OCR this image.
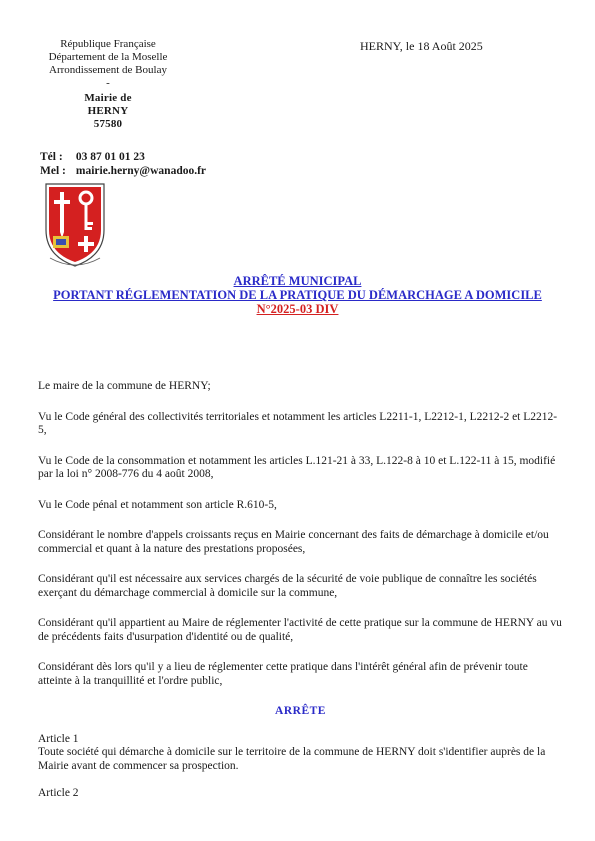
République Française
Département de la Moselle
Arrondissement de Boulay
-
Mairie de
HERNY
57580
HERNY, le 18 Août 2025
Tél : 03 87 01 01 23
Mel : mairie.herny@wanadoo.fr
ARRÊTÉ MUNICIPAL
PORTANT RÉGLEMENTATION DE LA PRATIQUE DU DÉMARCHAGE A DOMICILE
N°2025-03 DIV

Le maire de la commune de HERNY;

Vu le Code général des collectivités territoriales et notamment les articles L2211-1, L2212-1, L2212-2 et L2212-5,

Vu le Code de la consommation et notamment les articles L.121-21 à 33, L.122-8 à 10 et L.122-11 à 15, modifié par la loi n° 2008-776 du 4 août 2008,

Vu le Code pénal et notamment son article R.610-5,

Considérant le nombre d'appels croissants reçus en Mairie concernant des faits de démarchage à domicile et/ou commercial et quant à la nature des prestations proposées,

Considérant qu'il est nécessaire aux services chargés de la sécurité de voie publique de connaître les sociétés exerçant du démarchage commercial à domicile sur la commune,

Considérant qu'il appartient au Maire de réglementer l'activité de cette pratique sur la commune de HERNY au vu de précédents faits d'usurpation d'identité ou de qualité,

Considérant dès lors qu'il y a lieu de réglementer cette pratique dans l'intérêt général afin de prévenir toute atteinte à la tranquillité et l'ordre public,

ARRÊTE

Article 1

Toute société qui démarche à domicile sur le territoire de la commune de HERNY doit s'identifier auprès de la Mairie avant de commencer sa prospection.

Article 2
